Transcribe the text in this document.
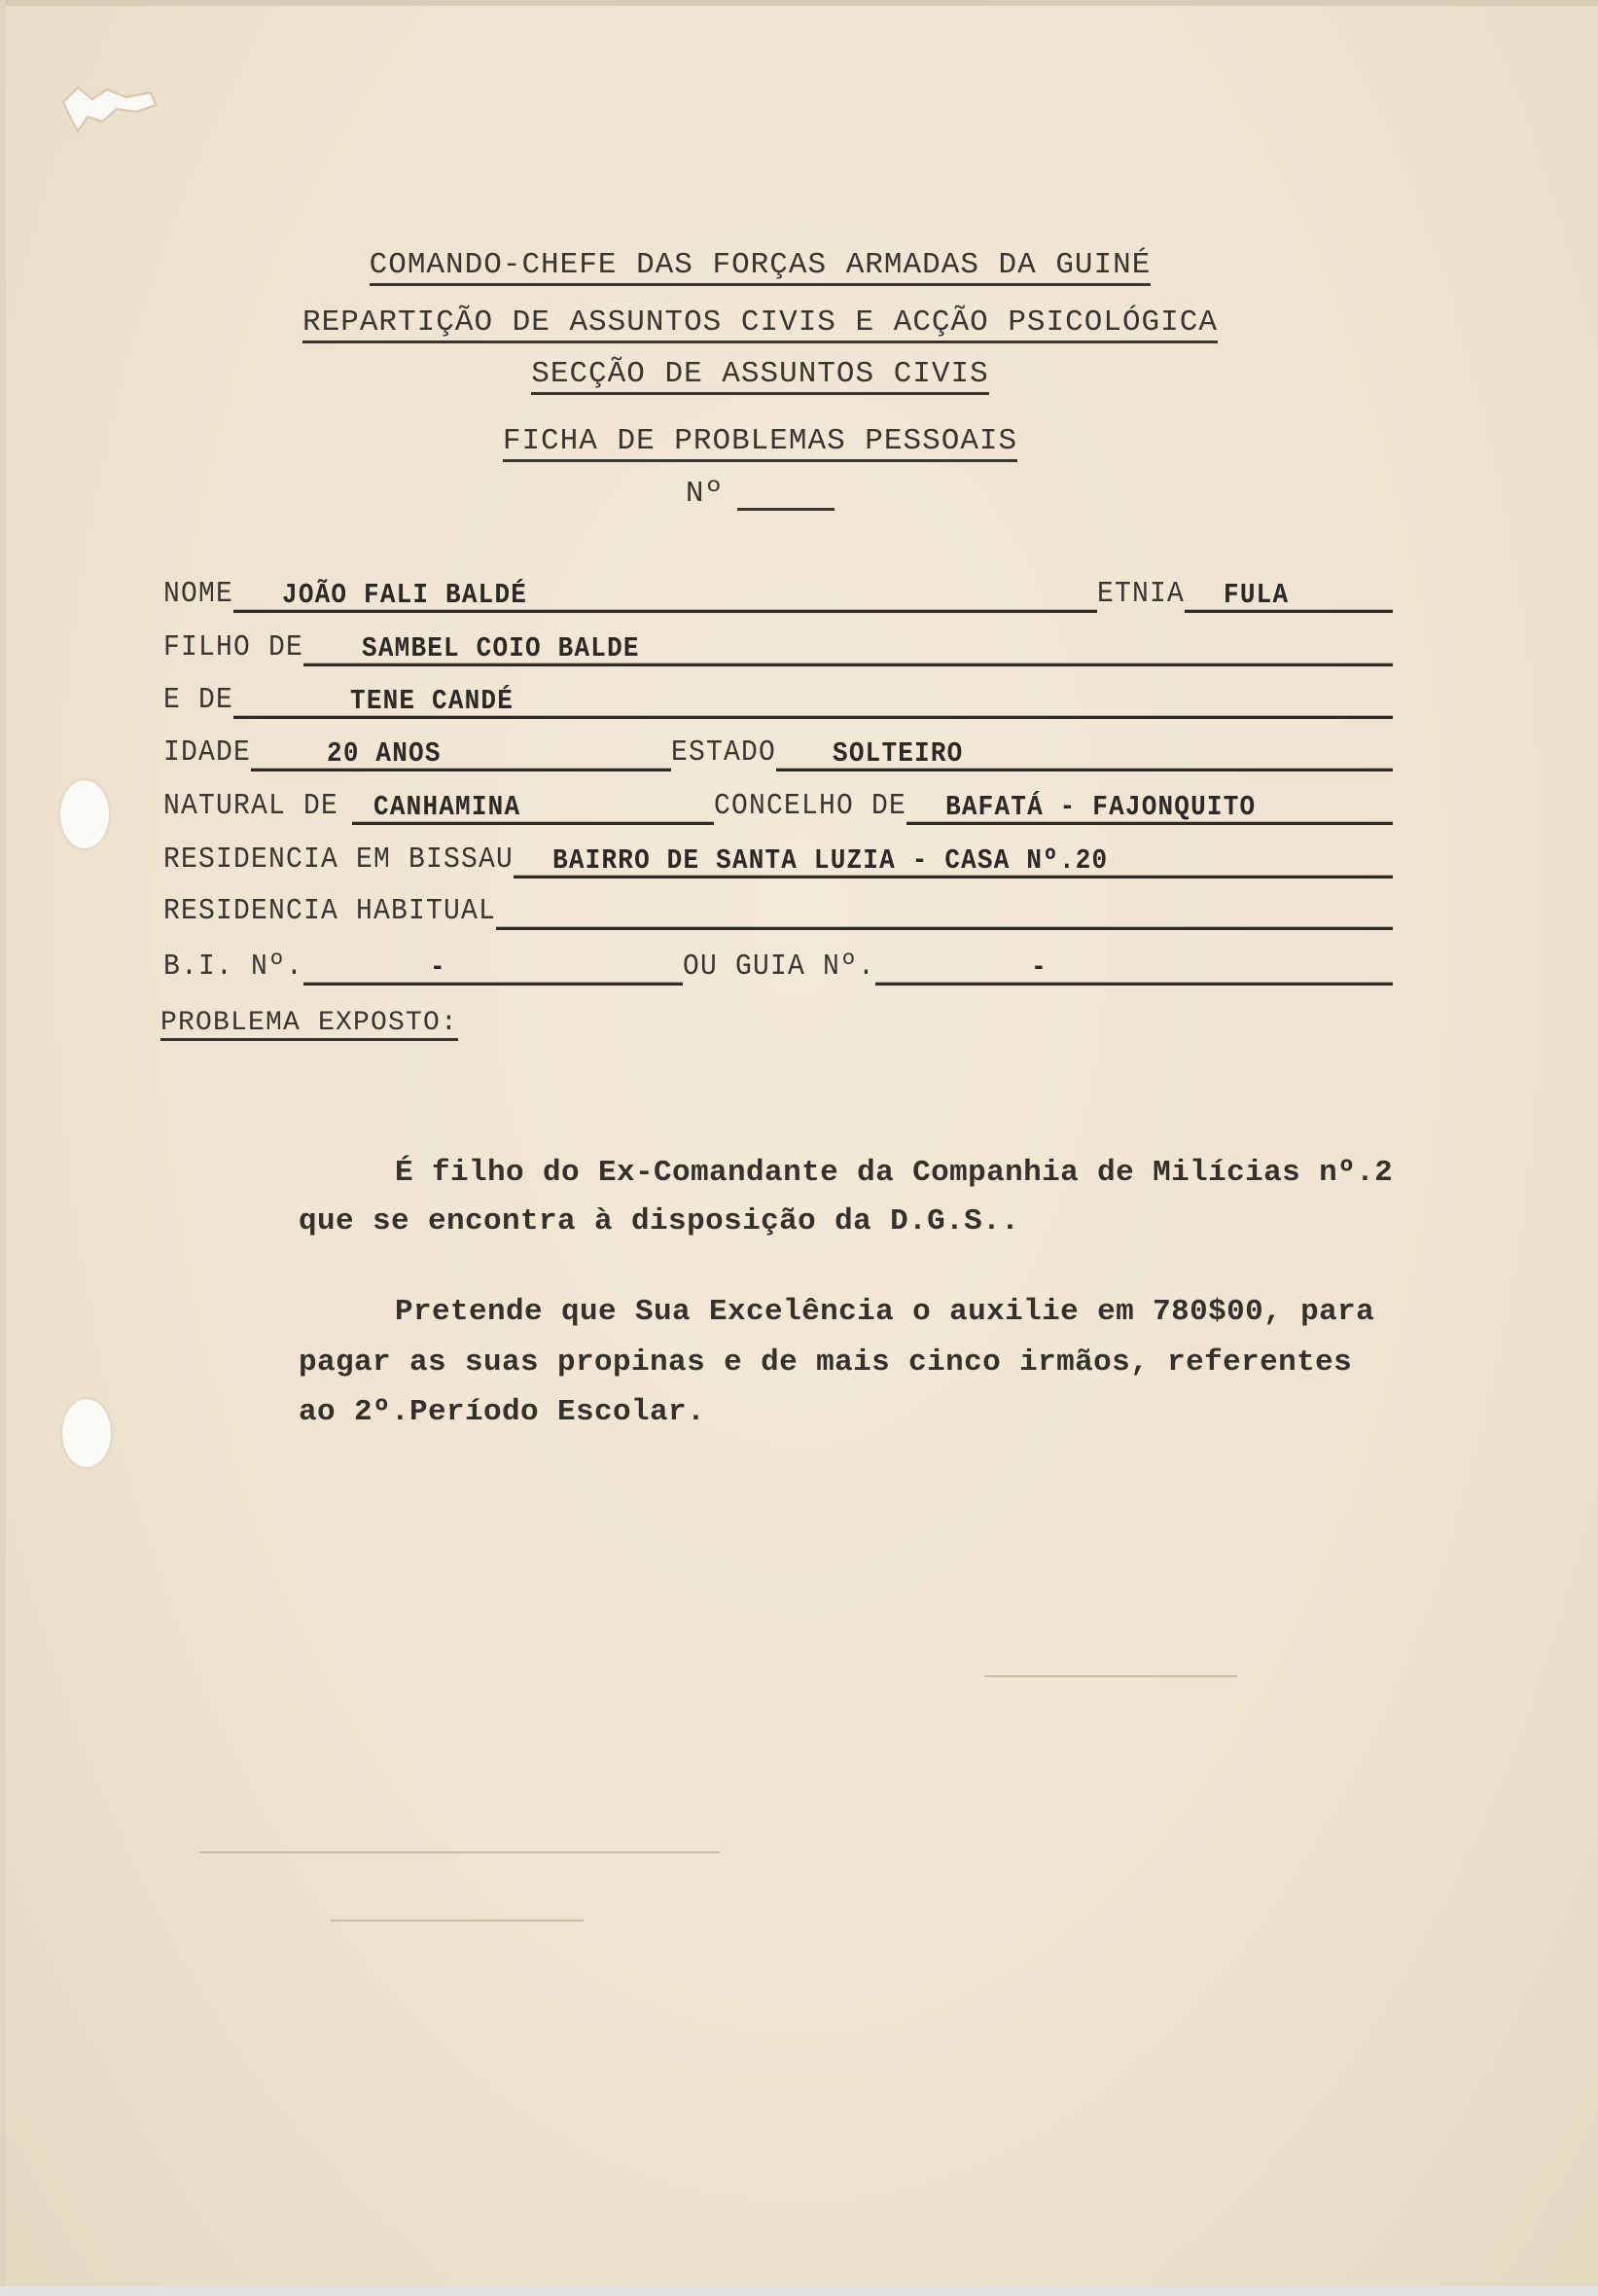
COMANDO-CHEFE DAS FORÇAS ARMADAS DA GUINÉ
REPARTIÇÃO DE ASSUNTOS CIVIS E ACÇÃO PSICOLÓGICA
SECÇÃO DE ASSUNTOS CIVIS
FICHA DE PROBLEMAS PESSOAIS
Nº
NOME	JOÃO FALI BALDÉ	ETNIA	FULA
FILHO DE	SAMBEL COIO BALDE
E DE	TENE CANDÉ
IDADE	20 ANOS	ESTADO	SOLTEIRO
NATURAL DE	CANHAMINA	CONCELHO DE	BAFATÁ - FAJONQUITO
RESIDENCIA EM BISSAU	BAIRRO DE SANTA LUZIA - CASA Nº.20
RESIDENCIA HABITUAL
B.I. Nº.	-	OU GUIA Nº.	-
PROBLEMA EXPOSTO:
É filho do Ex-Comandante da Companhia de Milícias nº.2
que se encontra à disposição da D.G.S..
Pretende que Sua Excelência o auxilie em 780$00, para
pagar as suas propinas e de mais cinco irmãos, referentes
ao 2º.Período Escolar.
